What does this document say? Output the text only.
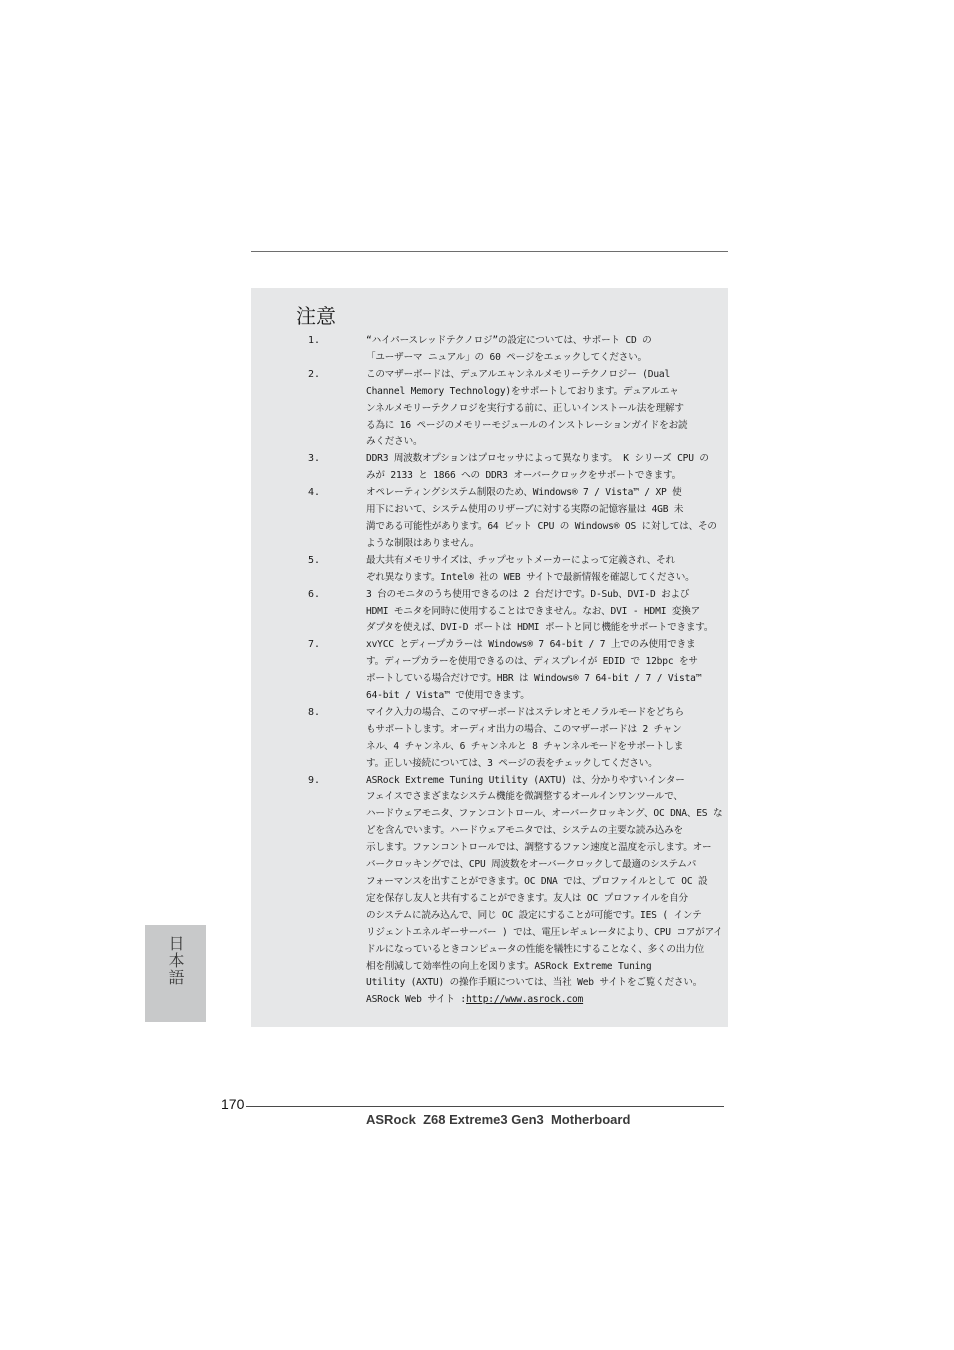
注意
1.	“ハイパースレッドテクノロジ”の設定については、サポート CD の
「ユーザーマ ニュアル」の 60 ページをエェックしてください。
2.	このマザーボードは、デュアルエャンネルメモリーテクノロジー (Dual
Channel Memory Technology)をサポートしております。デュアルエャ
ンネルメモリーテクノロジを実行する前に、正しいインストール法を理解す
る為に 16 ページのメモリーモジュールのインストレーションガイドをお読
みください。
3.	DDR3 周波数オプションはプロセッサによって異なります。 K シリーズ CPU の
みが 2133 と 1866 への DDR3 オーバークロックをサポートできます。
4.	オペレーティングシステム制限のため、Windows® 7 / Vista™ / XP 使
用下において、システム使用のリザーブに対する実際の記憶容量は 4GB 未
満である可能性があります。64 ビット CPU の Windows® OS に対しては、その
ような制限はありません。
5.	最大共有メモリサイズは、チップセットメーカーによって定義され、それ
ぞれ異なります。Intel® 社の WEB サイトで最新情報を確認してください。
6.	3 台のモニタのうち使用できるのは 2 台だけです。D-Sub、DVI-D および
HDMI モニタを同時に使用することはできません。なお、DVI - HDMI 変換ア
ダプタを使えば、DVI-D ポートは HDMI ポートと同じ機能をサポートできます。
7.	xvYCC とディープカラーは Windows® 7 64-bit / 7 上でのみ使用できま
す。ディープカラーを使用できるのは、ディスプレイが EDID で 12bpc をサ
ポートしている場合だけです。HBR は Windows® 7 64-bit / 7 / Vista™
64-bit / Vista™ で使用できます。
8.	マイク入力の場合、このマザーボードはステレオとモノラルモードをどちら
もサポートします。オーディオ出力の場合、このマザーボードは 2 チャン
ネル、4 チャンネル、6 チャンネルと 8 チャンネルモードをサポートしま
す。正しい接続については、3 ページの表をチェックしてください。
9.	ASRock Extreme Tuning Utility (AXTU) は、分かりやすいインター
フェイスでさまざまなシステム機能を微調整するオールインワンツールで、
ハードウェアモニタ、ファンコントロール、オーバークロッキング、OC DNA、ES な
どを含んでいます。ハードウェアモニタでは、システムの主要な読み込みを
示します。ファンコントロールでは、調整するファン速度と温度を示します。オー
バークロッキングでは、CPU 周波数をオーバークロックして最適のシステムパ
フォーマンスを出すことができます。OC DNA では、プロファイルとして OC 設
定を保存し友人と共有することができます。友人は OC プロファイルを自分
のシステムに読み込んで、同じ OC 設定にすることが可能です。IES ( インテ
リジェントエネルギーサーバー ) では、電圧レギュレータにより、CPU コアがアイ
ドルになっているときコンピュータの性能を犠牲にすることなく、多くの出力位
相を削減して効率性の向上を図ります。ASRock Extreme Tuning
Utility (AXTU) の操作手順については、当社 Web サイトをご覧ください。
ASRock Web サイト :http://www.asrock.com
日本語
170
ASRock  Z68 Extreme3 Gen3  Motherboard
